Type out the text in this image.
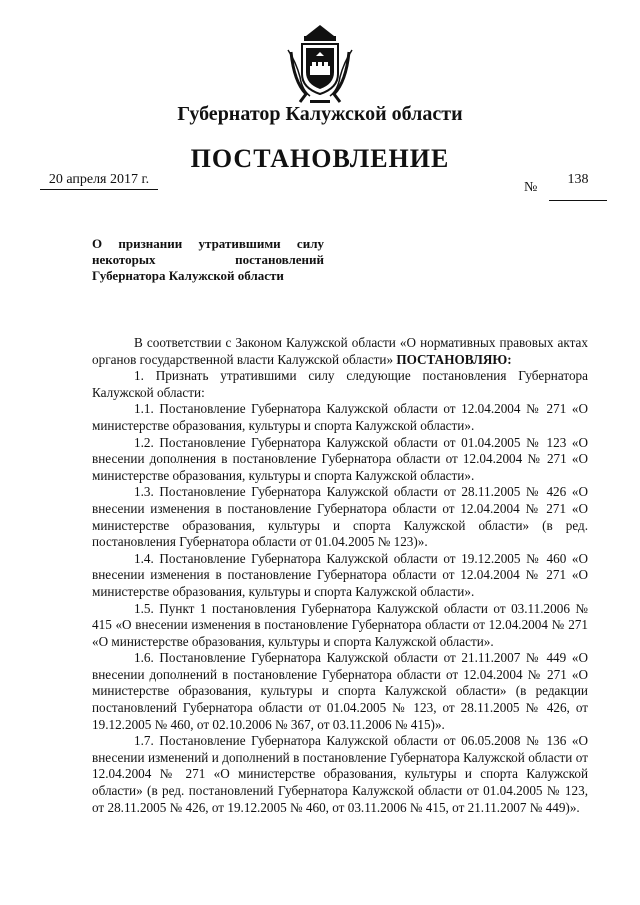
Губернатор Калужской области
ПОСТАНОВЛЕНИЕ
20 апреля 2017 г.
№
138
О признании утратившими силу
некоторых постановлений
Губернатора Калужской области

В соответствии с Законом Калужской области «О нормативных правовых актах органов государственной власти Калужской области» ПОСТАНОВЛЯЮ:

1. Признать утратившими силу следующие постановления Губернатора Калужской области:

1.1. Постановление Губернатора Калужской области от 12.04.2004 № 271 «О министерстве образования, культуры и спорта Калужской области».

1.2. Постановление Губернатора Калужской области от 01.04.2005 № 123 «О внесении дополнения в постановление Губернатора области от 12.04.2004 № 271 «О министерстве образования, культуры и спорта Калужской области».

1.3. Постановление Губернатора Калужской области от 28.11.2005 № 426 «О внесении изменения в постановление Губернатора области от 12.04.2004 № 271 «О министерстве образования, культуры и спорта Калужской области» (в ред. постановления Губернатора области от 01.04.2005 № 123)».

1.4. Постановление Губернатора Калужской области от 19.12.2005 № 460 «О внесении изменения в постановление Губернатора области от 12.04.2004 № 271 «О министерстве образования, культуры и спорта Калужской области».

1.5. Пункт 1 постановления Губернатора Калужской области от 03.11.2006 № 415 «О внесении изменения в постановление Губернатора области от 12.04.2004 № 271 «О министерстве образования, культуры и спорта Калужской области».

1.6. Постановление Губернатора Калужской области от 21.11.2007 № 449 «О внесении дополнений в постановление Губернатора области от 12.04.2004 № 271 «О министерстве образования, культуры и спорта Калужской области» (в редакции постановлений Губернатора области от 01.04.2005 № 123, от 28.11.2005 № 426, от 19.12.2005 № 460, от 02.10.2006 № 367, от 03.11.2006 № 415)».

1.7. Постановление Губернатора Калужской области от 06.05.2008 № 136 «О внесении изменений и дополнений в постановление Губернатора Калужской области от 12.04.2004 № 271 «О министерстве образования, культуры и спорта Калужской области» (в ред. постановлений Губернатора Калужской области от 01.04.2005 № 123, от 28.11.2005 № 426, от 19.12.2005 № 460, от 03.11.2006 № 415, от 21.11.2007 № 449)».
